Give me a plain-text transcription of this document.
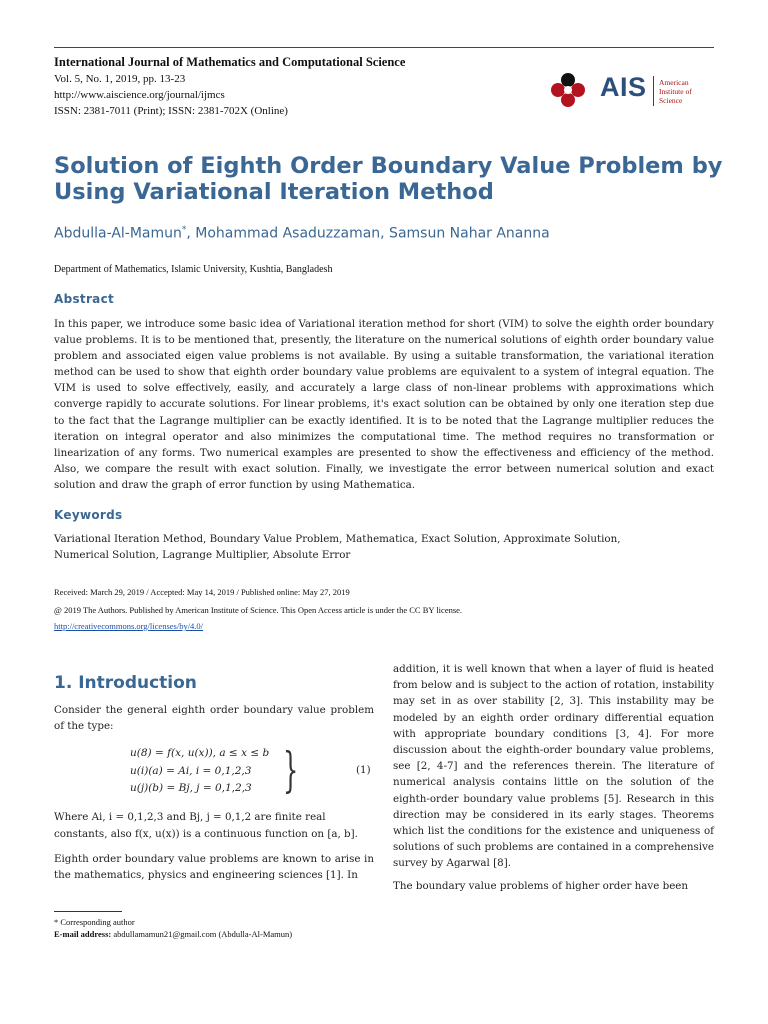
International Journal of Mathematics and Computational Science
Vol. 5, No. 1, 2019, pp. 13-23
http://www.aiscience.org/journal/ijmcs
ISSN: 2381-7011 (Print); ISSN: 2381-702X (Online)
AIS American
Institute of
Science
Solution of Eighth Order Boundary Value Problem by Using Variational Iteration Method
Abdulla-Al-Mamun*, Mohammad Asaduzzaman, Samsun Nahar Ananna
Department of Mathematics, Islamic University, Kushtia, Bangladesh
Abstract
In this paper, we introduce some basic idea of Variational iteration method for short (VIM) to solve the eighth order boundary value problems. It is to be mentioned that, presently, the literature on the numerical solutions of eighth order boundary value problem and associated eigen value problems is not available. By using a suitable transformation, the variational iteration method can be used to show that eighth order boundary value problems are equivalent to a system of integral equation. The VIM is used to solve effectively, easily, and accurately a large class of non-linear problems with approximations which converge rapidly to accurate solutions. For linear problems, it's exact solution can be obtained by only one iteration step due to the fact that the Lagrange multiplier can be exactly identified. It is to be noted that the Lagrange multiplier reduces the iteration on integral operator and also minimizes the computational time. The method requires no transformation or linearization of any forms. Two numerical examples are presented to show the effectiveness and efficiency of the method. Also, we compare the result with exact solution. Finally, we investigate the error between numerical solution and exact solution and draw the graph of error function by using Mathematica.
Keywords
Variational Iteration Method, Boundary Value Problem, Mathematica, Exact Solution, Approximate Solution,
Numerical Solution, Lagrange Multiplier, Absolute Error
Received: March 29, 2019 / Accepted: May 14, 2019 / Published online: May 27, 2019
@ 2019 The Authors. Published by American Institute of Science. This Open Access article is under the CC BY license.
http://creativecommons.org/licenses/by/4.0/
1. Introduction
Consider the general eighth order boundary value problem of the type:
u(8) = f(x, u(x)), a ≤ x ≤ b
u(i)(a) = Ai, i = 0,1,2,3
u(j)(b) = Bj, j = 0,1,2,3 }	(1)
Where Ai, i = 0,1,2,3 and Bj, j = 0,1,2 are finite real
constants, also f(x, u(x)) is a continuous function on [a, b].
Eighth order boundary value problems are known to arise in the mathematics, physics and engineering sciences [1]. In
addition, it is well known that when a layer of fluid is heated from below and is subject to the action of rotation, instability may set in as over stability [2, 3]. This instability may be modeled by an eighth order ordinary differential equation with appropriate boundary conditions [3, 4]. For more discussion about the eighth-order boundary value problems, see [2, 4-7] and the references therein. The literature of numerical analysis contains little on the solution of the eighth-order boundary value problems [5]. Research in this direction may be considered in its early stages. Theorems which list the conditions for the existence and uniqueness of solutions of such problems are contained in a comprehensive survey by Agarwal [8].
The boundary value problems of higher order have been
* Corresponding author
E-mail address: abdullamamun21@gmail.com (Abdulla-Al-Mamun)
